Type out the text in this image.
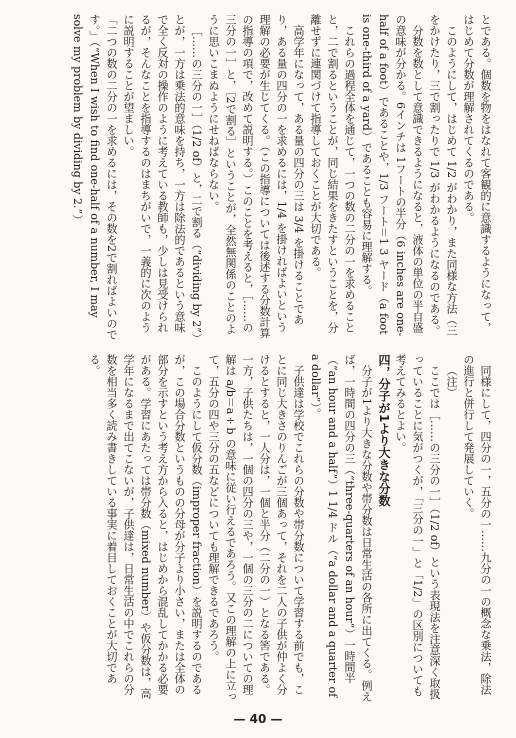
とである。個数を物をはなれて客観的に意識するようになって，はじめて分数が理解されてくるのである。

このようにして，はじめて 1/2 がわかり，また同様な方法（三をかけたり，三で割ったりで 1/3 がわかるようになるのである。

分数を数として意識できるようになると，液体の単位の半自盛の意味が分かる。6インチは 1フートの半分（6 inches are one-half of a foot）であることや，1/3 フート＝1 3 ヤード（a foot is one-third of a yard）であることも容易に理解する。

これらの過程全体を通じて，一つの数の二分の一を求めることと，二で割るということが，同じ結果をきたすということを，分離せずに連関づけて指導しておくことが大切である。

高学年になって，ある量の四分の三は 3/4 を掛けることであり，ある量の四分の一を求めるには，1/4 を掛ければよいという理解の必要が生じてくる。（この指導については後述する分数計算の指導の項で，改めて説明する。）このことを考えると，［……の三分の一］と，［2で割る］ということが，全然無関係のことのように思いこまぬようにせねばならない。

［……の三分の一］（1/2 of）と，二で割る（“dividing by 2”）とが，一方は乗法的意味を持ち，一方は除法的であるという意味で全く反対の操作のように考えている教師も，少しは見受けられるが，そんなことを指導するのはまちがいで，一義的に次のように説明することが望ましい。

「二つの数の二分の一を求めるには，その数を2で割ればよいのです。」（“When I wish to find one-half of a number, I may solve my problem by dividing by 2.”）

同様にして，四分の一，五分の一……九分の一の概念な乗法，除法の進行と併行して発展していく。

（注）

ここでは［……の三分の一］（1/2 of）という表現法を注意深く取扱っていることに気がつくが，「三分の一」と「1/2」の区別についても考えてみるとよい。

四，分子が1より大きな分数

分子が1より大きな分数や帯分数は日常生活の各所に出てくる。例えば，一時間の四分の三（“three-quarters of an hour”）一時間半（“an hour and a half”）1 1/4 ドル（“a dollar and a quarter of a dollar”）。

子供達は学校でこれらの分数や帯分数について学習する前でも，ことに同じ大きさのりんごが三個あって，それを二人の子供が仲よく分けるとすると，一人分は，一個と半分（二分の一）となる筈である。一方，子供たちは，一個の四分の三や，一個の三分の二についての理解は a/b＝a÷b の意味に従い行えるであろう。又この理解の上に立って，五分の四や三分の五などについても理解できるであろう。

このようにして仮分数（improper fraction）を説明するのであるが，この場合分数というものの分母が分子より小さい，または全体の部分を示すという考え方から入ると，はじめから混乱してかかる必要がある。学習にあたっては帯分数（mixed number）や仮分数は，高学年になるまで出てこないが，子供達は，日常生活の中でこれらの分数を相当多く読み書きしている事実に着目しておくことが大切である。

— 40 —
